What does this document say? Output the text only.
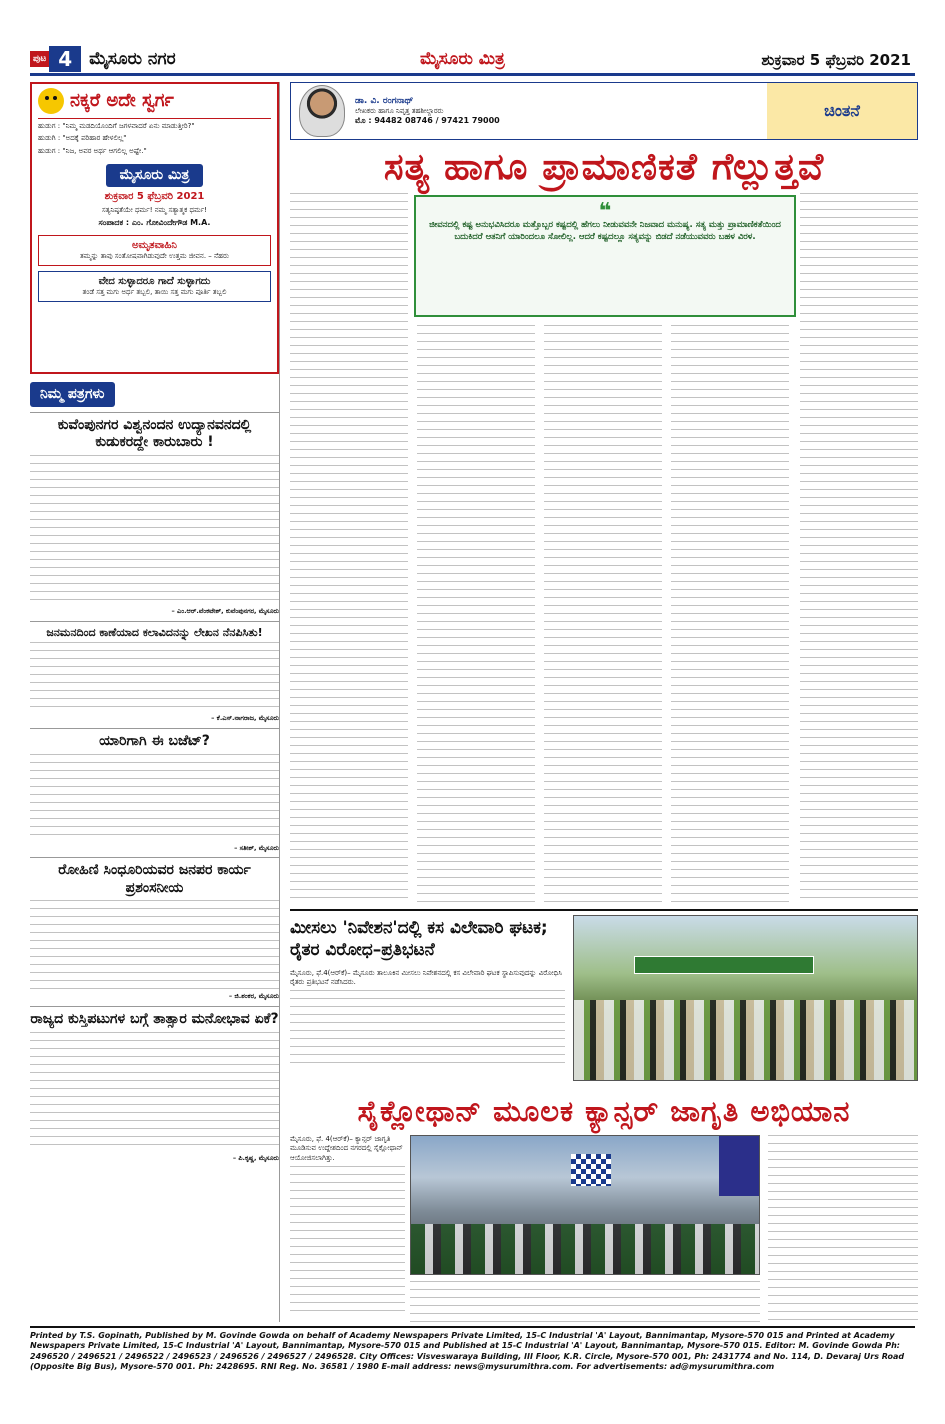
ಪುಟ 4	ಮೈಸೂರು ನಗರ	ಮೈಸೂರು ಮಿತ್ರ	ಶುಕ್ರವಾರ 5 ಫೆಬ್ರವರಿ 2021
ನಕ್ಕರೆ ಅದೇ ಸ್ವರ್ಗ
ಹುಡುಗ : "ನಿಮ್ಮ ಮಡದಿಯೊಂದಿಗೆ ಜಗಳವಾದರೆ ಏನು ಮಾಡುತ್ತೀರಿ?"
ಹುಡುಗಿ : "ಅದಕ್ಕೆ ಪರಿಹಾರ ಹೇಳಲಿಲ್ಲ"
ಹುಡುಗ : "ನಿಜ, ಅವರ ಅರ್ಥ ಆಗಲಿಲ್ಲ ಅಷ್ಟೇ."
ಮೈಸೂರು ಮಿತ್ರ
ಶುಕ್ರವಾರ 5 ಫೆಬ್ರವರಿ 2021
ಸತ್ಯನಿಷ್ಠತೆಯೇ ಧರ್ಮ! ನಮ್ಮ ಸತ್ಯಾತ್ಮಕ ಧರ್ಮ!
ಸಂಪಾದಕ : ಎಂ. ಗೋವಿಂದೇಗೌಡ M.A.
ಅಮೃತವಾಹಿನಿ
ತಮ್ಮನ್ನು ತಾವು ಸಂತೋಷವಾಗಿಡುವುದೇ ಉತ್ತಮ ಜೀವನ. – ನೆಹರು
ವೇದ ಸುಳ್ಳಾದರೂ ಗಾದೆ ಸುಳ್ಳಾಗದು
ತಂಡೆ ಸತ್ತ ಮಗು ಅರ್ಧ ತಬ್ಬಲಿ, ತಾಯಿ ಸತ್ತ ಮಗು ಪೂರ್ತಿ ತಬ್ಬಲಿ
ನಿಮ್ಮ ಪತ್ರಗಳು
ಕುವೆಂಪುನಗರ ವಿಶ್ವನಂದನ ಉದ್ಯಾನವನದಲ್ಲಿ ಕುಡುಕರದ್ದೇ ಕಾರುಬಾರು !
– ಎಂ.ಆರ್.ವೆಂಕಟೇಶ್, ಕುವೆಂಪುನಗರ, ಮೈಸೂರು
ಜನಮನದಿಂದ ಕಾಣೆಯಾದ ಕಲಾವಿದನನ್ನು ಲೇಖನ ನೆನಪಿಸಿತು!
– ಕೆ.ಎಸ್.ನಾಗರಾಜ, ಮೈಸೂರು
ಯಾರಿಗಾಗಿ ಈ ಬಜೆಟ್?
– ಸತೀಶ್, ಮೈಸೂರು
ರೋಹಿಣಿ ಸಿಂಧೂರಿಯವರ ಜನಪರ ಕಾರ್ಯ ಪ್ರಶಂಸನೀಯ
– ಜಿ.ಶಂಕರ, ಮೈಸೂರು
ರಾಜ್ಯದ ಕುಸ್ತಿಪಟುಗಳ ಬಗ್ಗೆ ತಾತ್ಸಾರ ಮನೋಭಾವ ಏಕೆ?
– ಪಿ.ಕೃಷ್ಣ, ಮೈಸೂರು
ಡಾ. ವಿ. ರಂಗನಾಥ್
ಲೇಖಕರು ಹಾಗೂ ನಿವೃತ್ತ ತಹಶೀಲ್ದಾರರು
ಮೊ : 94482 08746 / 97421 79000
ಚಿಂತನೆ
ಸತ್ಯ ಹಾಗೂ ಪ್ರಾಮಾಣಿಕತೆ ಗೆಲ್ಲುತ್ತವೆ
❝
ಜೀವನದಲ್ಲಿ ಕಷ್ಟ ಅನುಭವಿಸಿದರೂ ಮತ್ತೊಬ್ಬರ ಕಷ್ಟದಲ್ಲಿ ಹೆಗಲು ನೀಡುವವನೇ ನಿಜವಾದ ಮನುಷ್ಯ. ಸತ್ಯ ಮತ್ತು ಪ್ರಾಮಾಣಿಕತೆಯಿಂದ ಬದುಕಿದರೆ ಆತನಿಗೆ ಯಾರಿಂದಲೂ ಸೋಲಿಲ್ಲ. ಆದರೆ ಕಷ್ಟದಲ್ಲೂ ಸತ್ಯವನ್ನು ಬಿಡದೆ ನಡೆಯುವವರು ಬಹಳ ವಿರಳ.
ಮೀಸಲು 'ನಿವೇಶನ'ದಲ್ಲಿ ಕಸ ವಿಲೇವಾರಿ ಘಟಕ; ರೈತರ ವಿರೋಧ–ಪ್ರತಿಭಟನೆ
ಮೈಸೂರು, ಫೆ.4(ಆರ್‌ಕೆ)– ಮೈಸೂರು ತಾಲೂಕಿನ ಮೀಸಲು ನಿವೇಶನದಲ್ಲಿ ಕಸ ವಿಲೇವಾರಿ ಘಟಕ ಸ್ಥಾಪಿಸುವುದನ್ನು ವಿರೋಧಿಸಿ ರೈತರು ಪ್ರತಿಭಟನೆ ನಡೆಸಿದರು.
ಸೈಕ್ಲೋಥಾನ್ ಮೂಲಕ ಕ್ಯಾನ್ಸರ್ ಜಾಗೃತಿ ಅಭಿಯಾನ
ಮೈಸೂರು, ಫೆ. 4(ಆರ್‌ಕೆ)– ಕ್ಯಾನ್ಸರ್ ಜಾಗೃತಿ ಮೂಡಿಸುವ ಉದ್ದೇಶದಿಂದ ನಗರದಲ್ಲಿ ಸೈಕ್ಲೋಥಾನ್ ಆಯೋಜಿಸಲಾಗಿತ್ತು.
Printed by T.S. Gopinath, Published by M. Govinde Gowda on behalf of Academy Newspapers Private Limited, 15-C Industrial 'A' Layout, Bannimantap, Mysore-570 015 and Printed at Academy Newspapers Private Limited, 15-C Industrial 'A' Layout, Bannimantap, Mysore-570 015 and Published at 15-C Industrial 'A' Layout, Bannimantap, Mysore-570 015. Editor: M. Govinde Gowda Ph: 2496520 / 2496521 / 2496522 / 2496523 / 2496526 / 2496527 / 2496528. City Offices: Visveswaraya Building, III Floor, K.R. Circle, Mysore-570 001, Ph: 2431774 and No. 114, D. Devaraj Urs Road (Opposite Big Bus), Mysore-570 001. Ph: 2428695. RNI Reg. No. 36581 / 1980 E-mail address: news@mysurumithra.com. For advertisements: ad@mysurumithra.com
